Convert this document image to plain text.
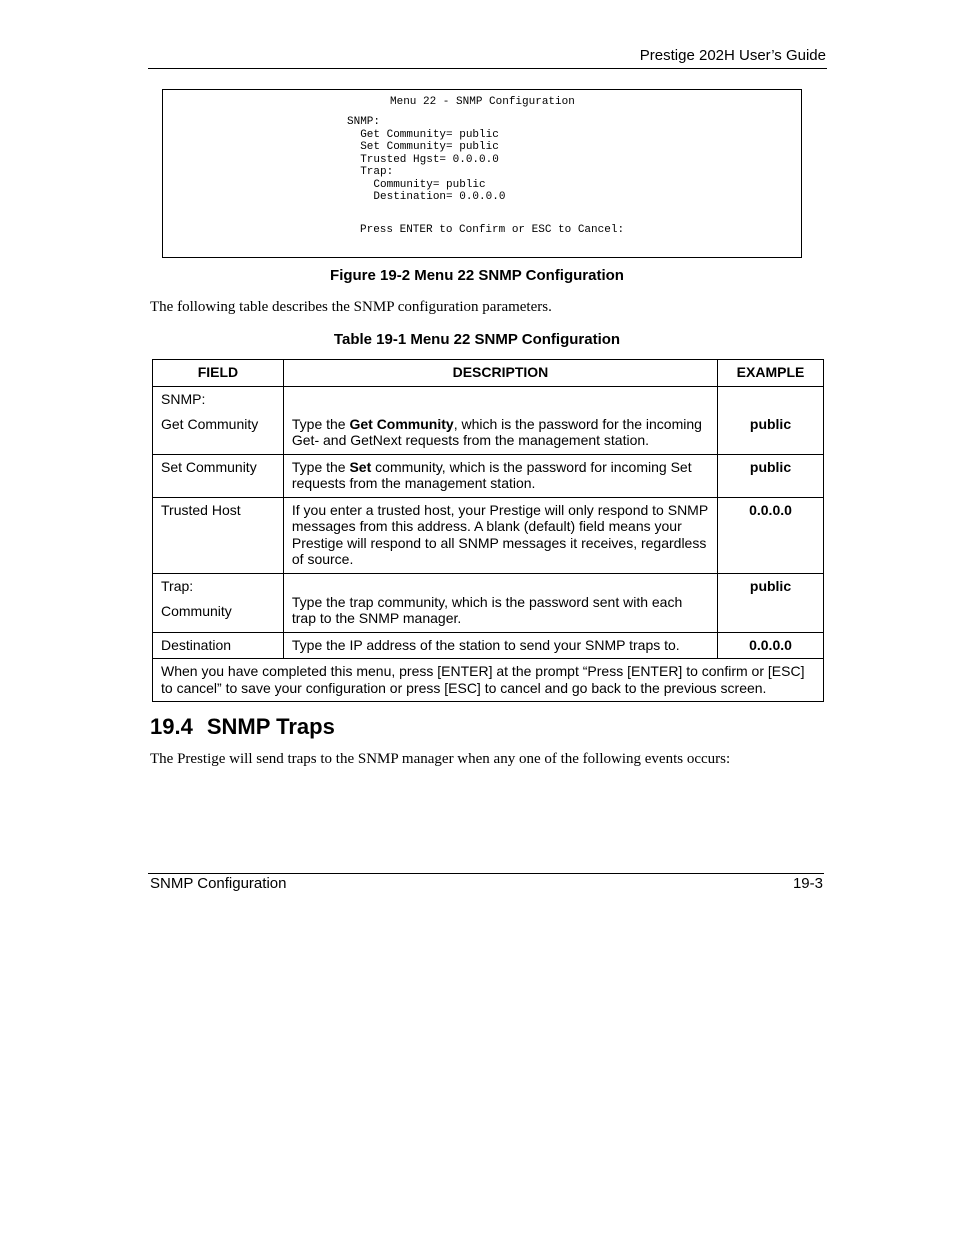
Prestige 202H User’s Guide

Menu 22 - SNMP Configuration

SNMP:

Get Community= public

Set Community= public

Trusted Hgst= 0.0.0.0

Trap:

Community= public

Destination= 0.0.0.0

Press ENTER to Confirm or ESC to Cancel:

Figure 19-2 Menu 22 SNMP Configuration
The following table describes the SNMP configuration parameters.
Table 19-1 Menu 22 SNMP Configuration
FIELD	DESCRIPTION	EXAMPLE

SNMP:
Get Community	Type the Get Community, which is the password for the incoming Get- and GetNext requests from the management station.	public

Set Community	Type the Set community, which is the password for incoming Set requests from the management station.	public
Trusted Host	If you enter a trusted host, your Prestige will only respond to SNMP messages from this address. A blank (default) field means your Prestige will respond to all SNMP messages it receives, regardless of source.	0.0.0.0

Trap:
Community	Type the trap community, which is the password sent with each trap to the SNMP manager.	public
Destination	Type the IP address of the station to send your SNMP traps to.	0.0.0.0
When you have completed this menu, press [ENTER] at the prompt “Press [ENTER] to confirm or [ESC] to cancel” to save your configuration or press [ESC] to cancel and go back to the previous screen.		
19.4 SNMP Traps
The Prestige will send traps to the SNMP manager when any one of the following events occurs:
SNMP Configuration	19-3
